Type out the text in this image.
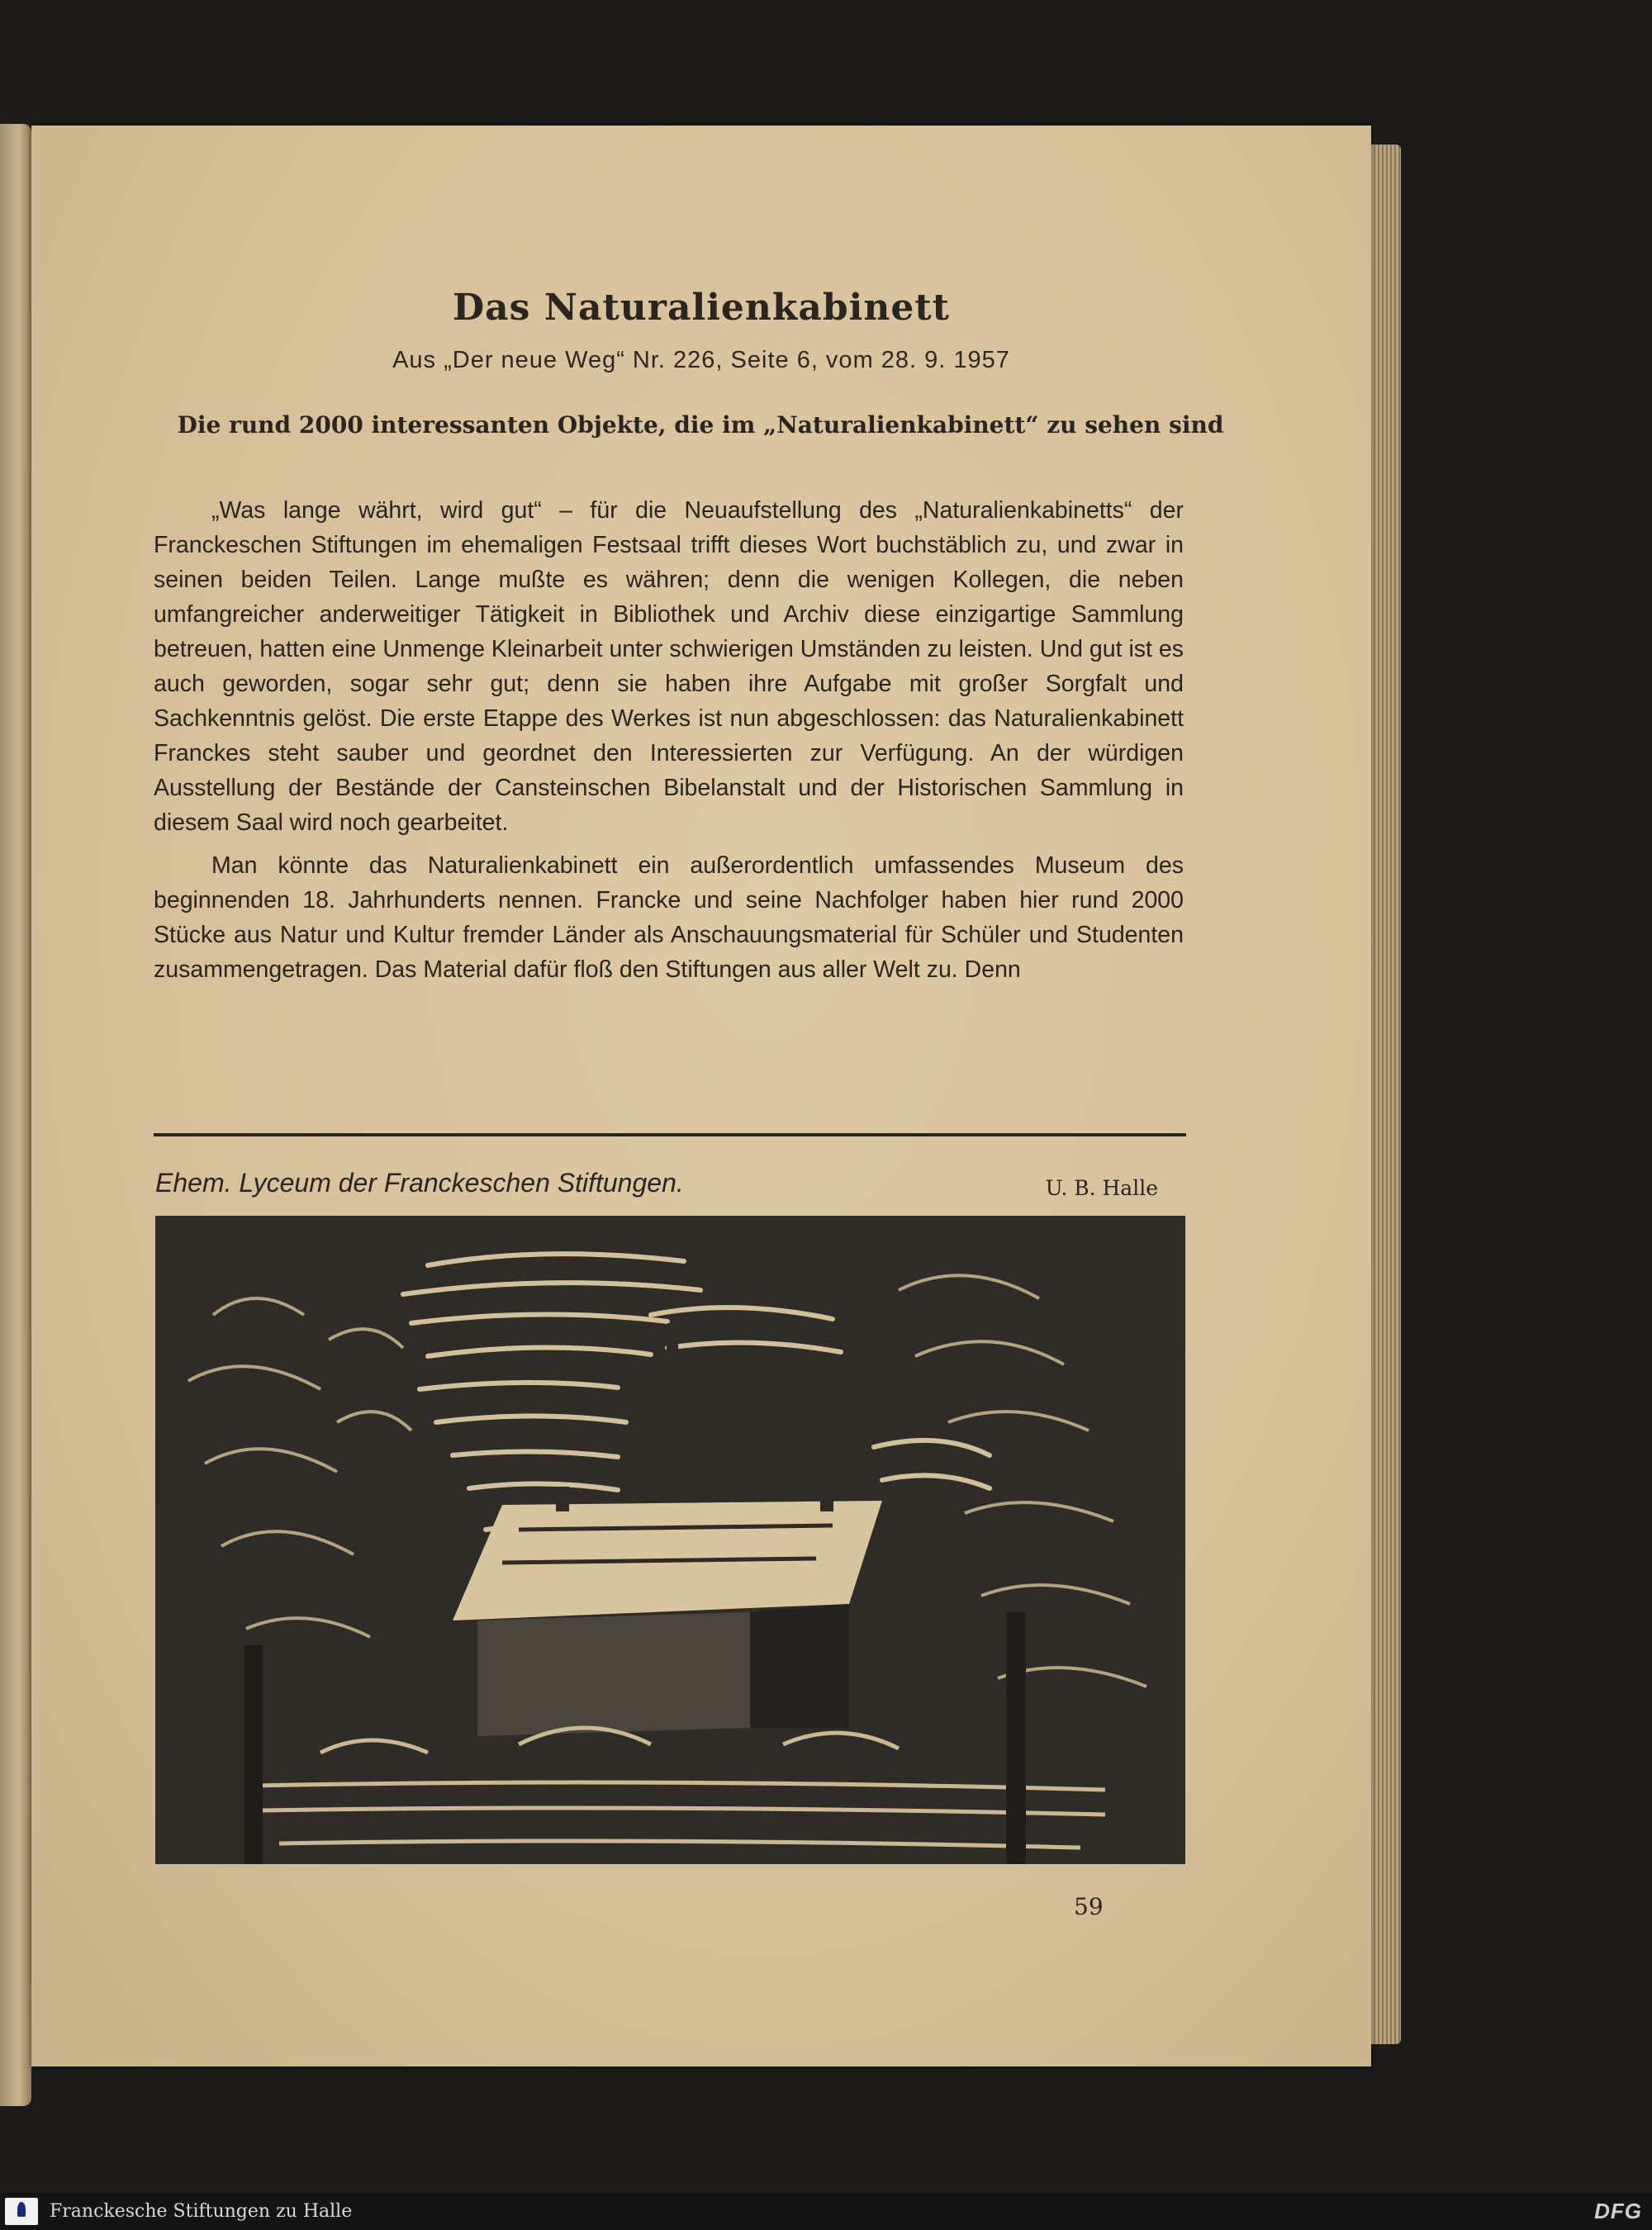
Das Naturalienkabinett
Aus „Der neue Weg“ Nr. 226, Seite 6, vom 28. 9. 1957
Die rund 2000 interessanten Objekte, die im „Naturalienkabinett“ zu sehen sind

„Was lange währt, wird gut“ – für die Neuaufstellung des „Naturalienkabinetts“ der Franckeschen Stiftungen im ehemaligen Festsaal trifft dieses Wort buchstäblich zu, und zwar in seinen beiden Teilen. Lange mußte es währen; denn die wenigen Kollegen, die neben umfangreicher anderweitiger Tätigkeit in Bibliothek und Archiv diese einzigartige Sammlung betreuen, hatten eine Unmenge Kleinarbeit unter schwierigen Umständen zu leisten. Und gut ist es auch geworden, sogar sehr gut; denn sie haben ihre Aufgabe mit großer Sorgfalt und Sachkenntnis gelöst. Die erste Etappe des Werkes ist nun abgeschlossen: das Naturalienkabinett Franckes steht sauber und geordnet den Interessierten zur Verfügung. An der würdigen Ausstellung der Bestände der Cansteinschen Bibelanstalt und der Historischen Sammlung in diesem Saal wird noch gearbeitet.

Man könnte das Naturalienkabinett ein außerordentlich umfassendes Museum des beginnenden 18. Jahrhunderts nennen. Francke und seine Nachfolger haben hier rund 2000 Stücke aus Natur und Kultur fremder Länder als Anschauungsmaterial für Schüler und Studenten zusammengetragen. Das Material dafür floß den Stiftungen aus aller Welt zu. Denn

Ehem. Lyceum der Franckeschen Stiftungen.	U. B. Halle
59
Franckesche Stiftungen zu Halle	DFG
